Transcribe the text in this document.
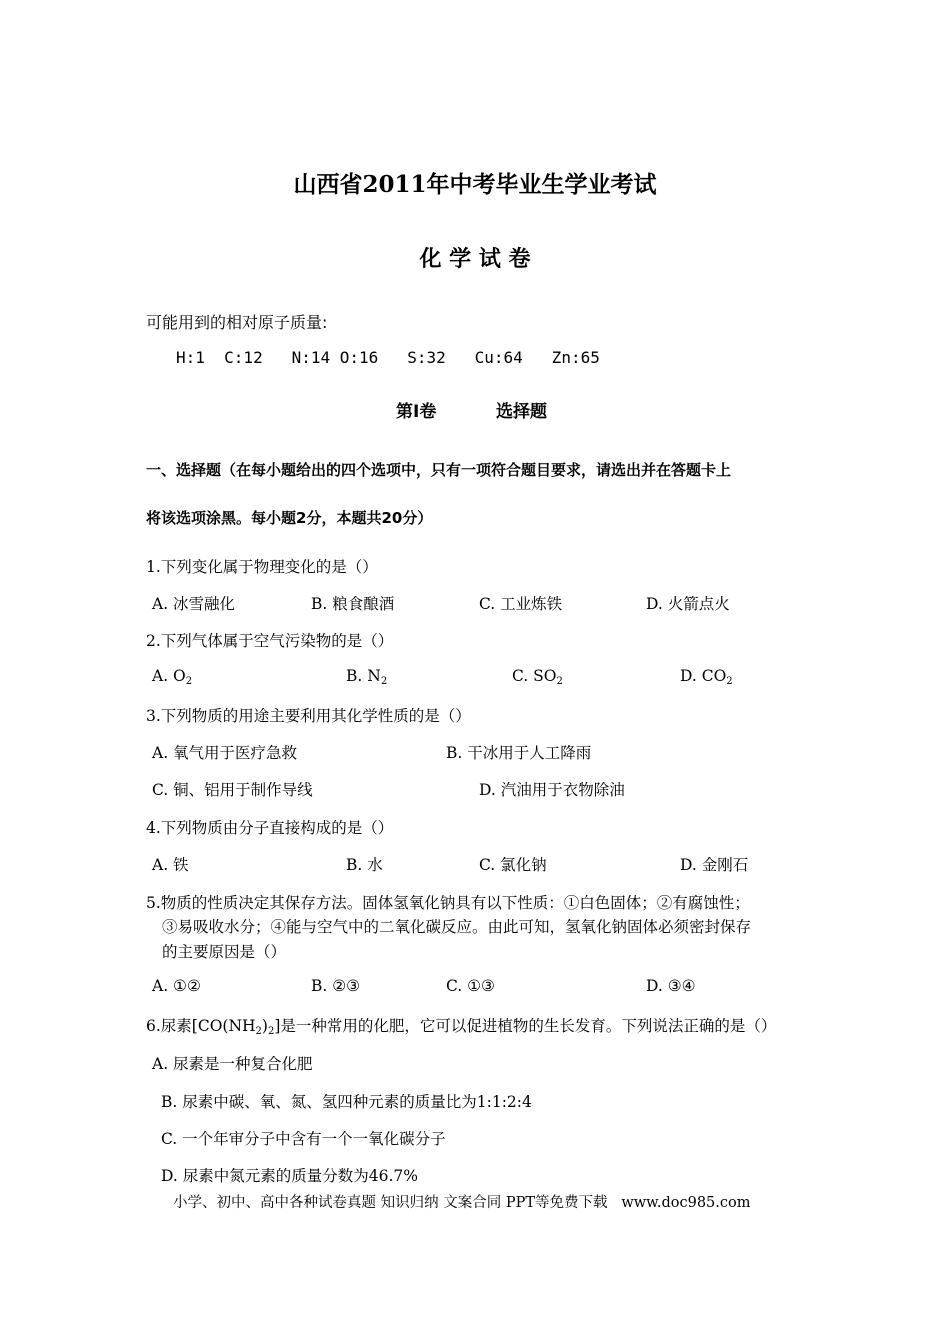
山西省2011年中考毕业生学业考试
化 学 试 卷
可能用到的相对原子质量:
H:1  C:12   N:14 O:16   S:32   Cu:64   Zn:65
第Ⅰ卷	选择题
一、选择题（在每小题给出的四个选项中，只有一项符合题目要求，请选出并在答题卡上
将该选项涂黑。每小题2分，本题共20分）
1.下列变化属于物理变化的是（）
A. 冰雪融化	B. 粮食酿酒	C. 工业炼铁	D. 火箭点火
2.下列气体属于空气污染物的是（）
A. $O_2$	B. $N_2$	C. $SO_2$	D. $CO_2$
3.下列物质的用途主要利用其化学性质的是（）
A. 氧气用于医疗急救	B. 干冰用于人工降雨
C. 铜、铝用于制作导线	D. 汽油用于衣物除油
4.下列物质由分子直接构成的是（）
A. 铁	B. 水	C. 氯化钠	D. 金刚石
5.物质的性质决定其保存方法。固体氢氧化钠具有以下性质：①白色固体；②有腐蚀性；
③易吸收水分；④能与空气中的二氧化碳反应。由此可知，氢氧化钠固体必须密封保存
的主要原因是（）
A. ①②	B. ②③	C. ①③	D. ③④
6.尿素$[CO(NH_2)_2]$是一种常用的化肥，它可以促进植物的生长发育。下列说法正确的是（）
A. 尿素是一种复合化肥
B. 尿素中碳、氧、氮、氢四种元素的质量比为1:1:2:4
C. 一个年审分子中含有一个一氧化碳分子
D. 尿素中氮元素的质量分数为46.7%
小学、初中、高中各种试卷真题 知识归纳 文案合同 PPT等免费下载   www.doc985.com
